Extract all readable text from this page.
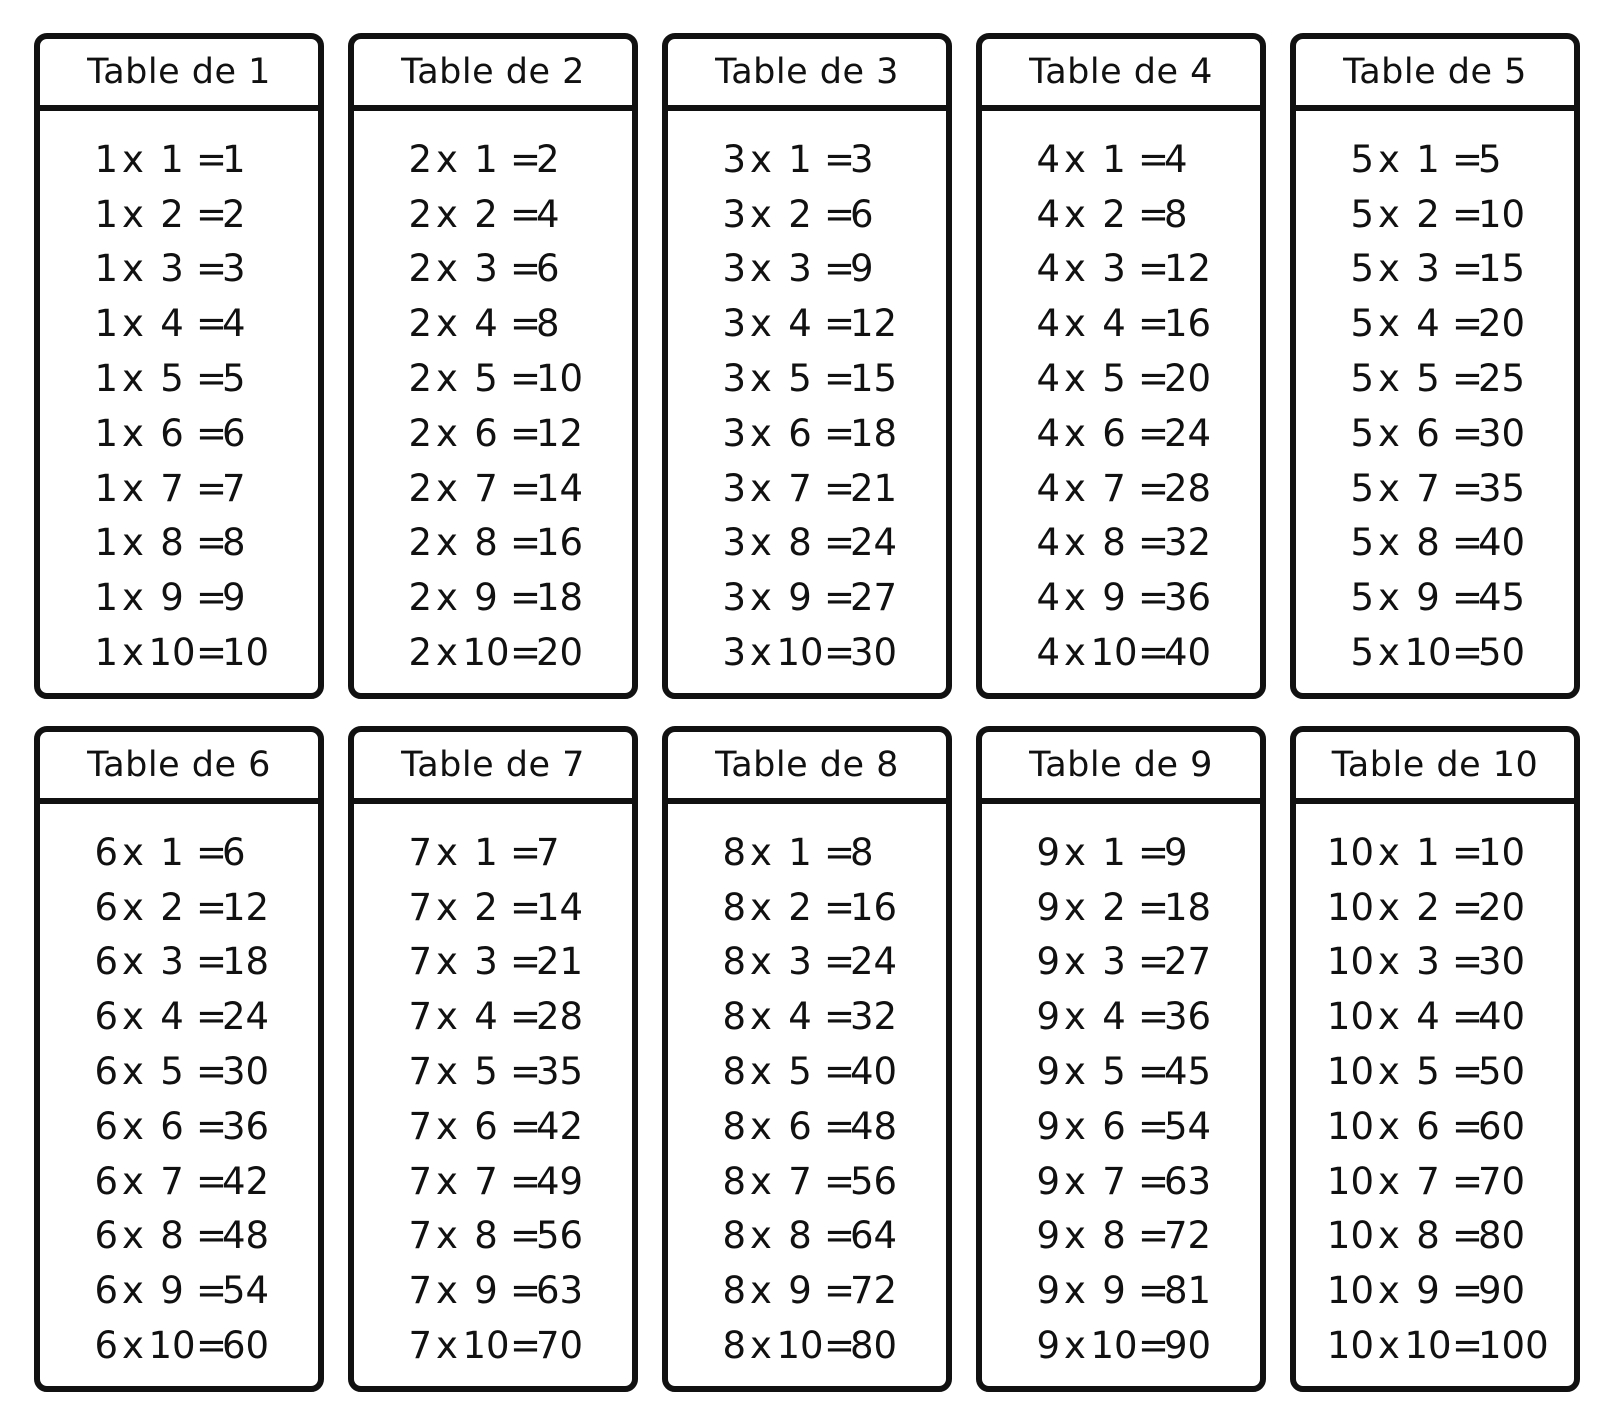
Table de 1
1 x 1 =
1
1 x 2 =
2
1 x 3 =
3
1 x 4 =
4
1 x 5 =
5
1 x 6 =
6
1 x 7 =
7
1 x 8 =
8
1 x 9 =
9
1 x 10 =
10
Table de 2
2 x 1 =
2
2 x 2 =
4
2 x 3 =
6
2 x 4 =
8
2 x 5 =
10
2 x 6 =
12
2 x 7 =
14
2 x 8 =
16
2 x 9 =
18
2 x 10 =
20
Table de 3
3 x 1 =
3
3 x 2 =
6
3 x 3 =
9
3 x 4 =
12
3 x 5 =
15
3 x 6 =
18
3 x 7 =
21
3 x 8 =
24
3 x 9 =
27
3 x 10 =
30
Table de 4
4 x 1 =
4
4 x 2 =
8
4 x 3 =
12
4 x 4 =
16
4 x 5 =
20
4 x 6 =
24
4 x 7 =
28
4 x 8 =
32
4 x 9 =
36
4 x 10 =
40
Table de 5
5 x 1 =
5
5 x 2 =
10
5 x 3 =
15
5 x 4 =
20
5 x 5 =
25
5 x 6 =
30
5 x 7 =
35
5 x 8 =
40
5 x 9 =
45
5 x 10 =
50
Table de 6
6 x 1 =
6
6 x 2 =
12
6 x 3 =
18
6 x 4 =
24
6 x 5 =
30
6 x 6 =
36
6 x 7 =
42
6 x 8 =
48
6 x 9 =
54
6 x 10 =
60
Table de 7
7 x 1 =
7
7 x 2 =
14
7 x 3 =
21
7 x 4 =
28
7 x 5 =
35
7 x 6 =
42
7 x 7 =
49
7 x 8 =
56
7 x 9 =
63
7 x 10 =
70
Table de 8
8 x 1 =
8
8 x 2 =
16
8 x 3 =
24
8 x 4 =
32
8 x 5 =
40
8 x 6 =
48
8 x 7 =
56
8 x 8 =
64
8 x 9 =
72
8 x 10 =
80
Table de 9
9 x 1 =
9
9 x 2 =
18
9 x 3 =
27
9 x 4 =
36
9 x 5 =
45
9 x 6 =
54
9 x 7 =
63
9 x 8 =
72
9 x 9 =
81
9 x 10 =
90
Table de 10
10 x 1 =
10
10 x 2 =
20
10 x 3 =
30
10 x 4 =
40
10 x 5 =
50
10 x 6 =
60
10 x 7 =
70
10 x 8 =
80
10 x 9 =
90
10 x 10 =
100
